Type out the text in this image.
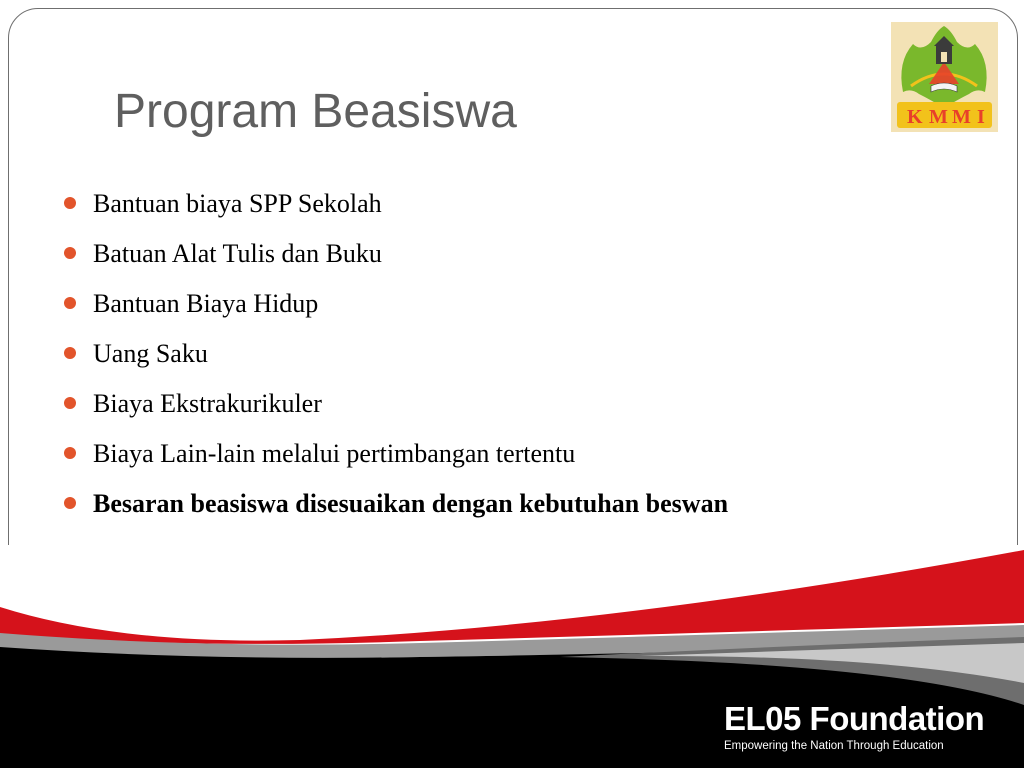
Program Beasiswa	K M M I
Bantuan biaya SPP Sekolah
Batuan Alat Tulis dan Buku
Bantuan Biaya Hidup
Uang Saku
Biaya Ekstrakurikuler
Biaya Lain-lain melalui pertimbangan tertentu
Besaran beasiswa disesuaikan dengan kebutuhan beswan
EL05 Foundation
Empowering the Nation Through Education
